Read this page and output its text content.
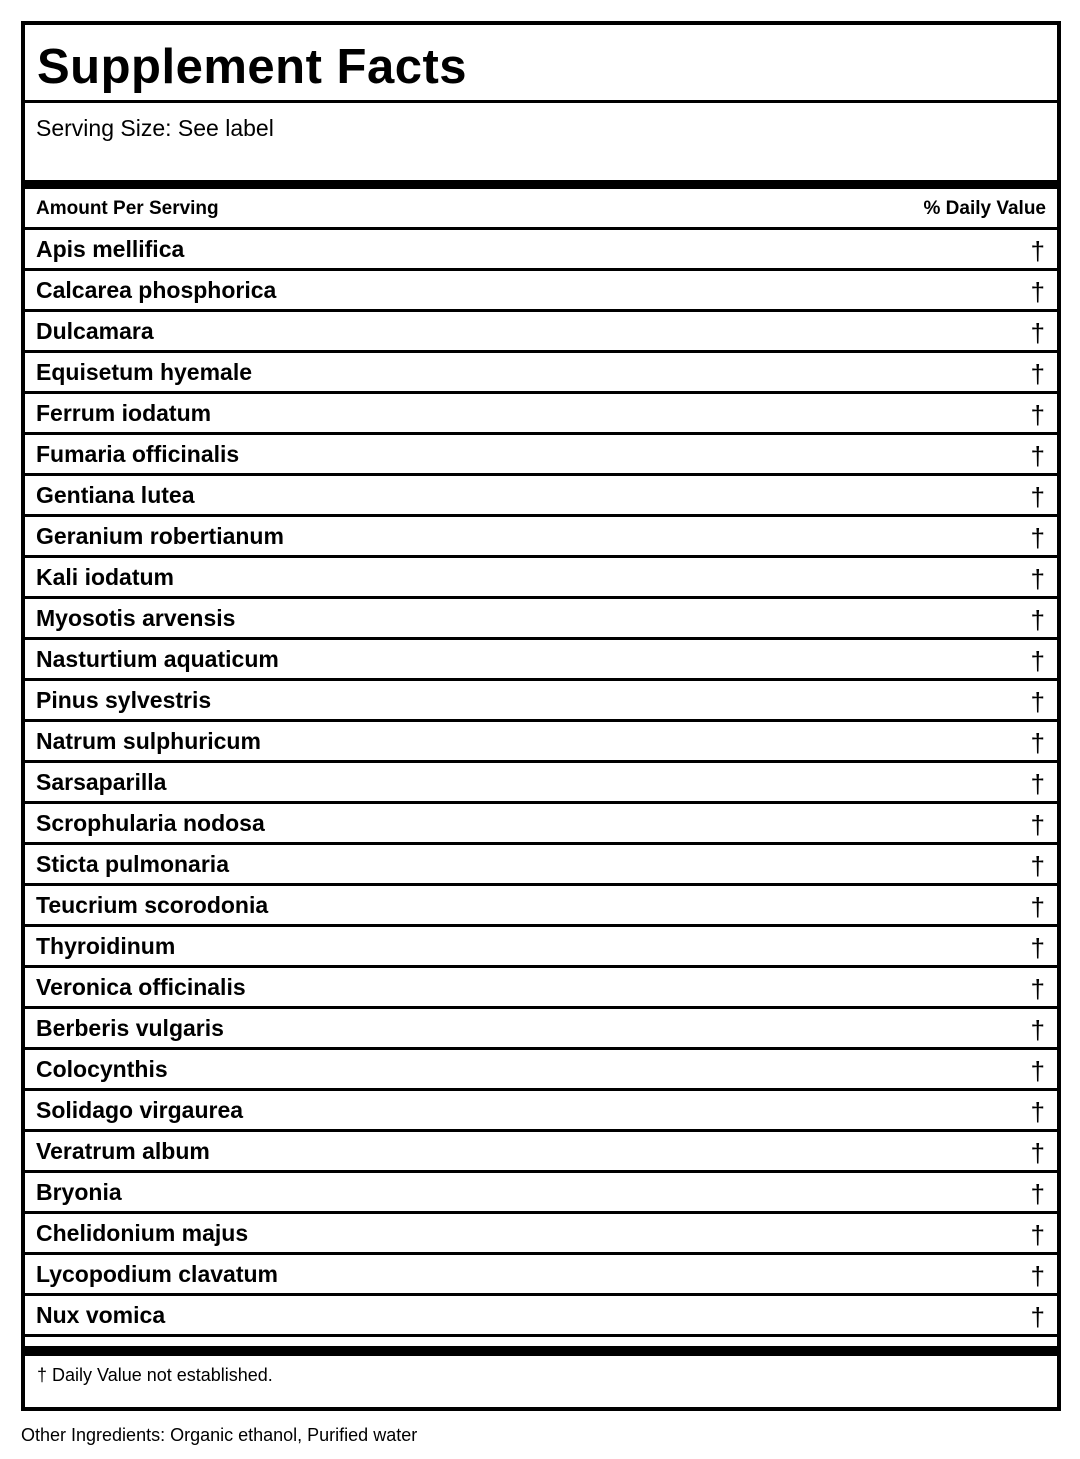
Supplement Facts
Serving Size: See label
Amount Per Serving	% Daily Value
Apis mellifica	†
Calcarea phosphorica	†
Dulcamara	†
Equisetum hyemale	†
Ferrum iodatum	†
Fumaria officinalis	†
Gentiana lutea	†
Geranium robertianum	†
Kali iodatum	†
Myosotis arvensis	†
Nasturtium aquaticum	†
Pinus sylvestris	†
Natrum sulphuricum	†
Sarsaparilla	†
Scrophularia nodosa	†
Sticta pulmonaria	†
Teucrium scorodonia	†
Thyroidinum	†
Veronica officinalis	†
Berberis vulgaris	†
Colocynthis	†
Solidago virgaurea	†
Veratrum album	†
Bryonia	†
Chelidonium majus	†
Lycopodium clavatum	†
Nux vomica	†
† Daily Value not established.
Other Ingredients: Organic ethanol, Purified water
